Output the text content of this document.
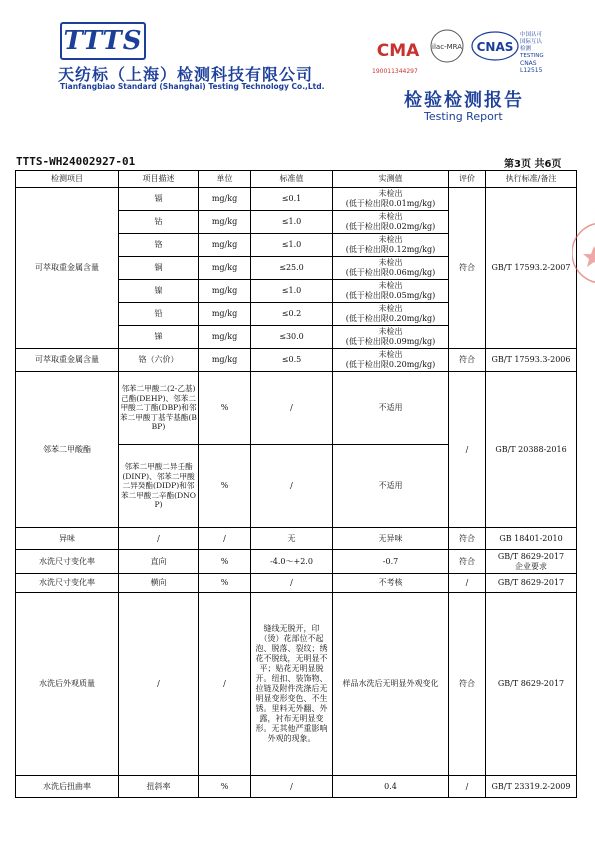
TTTS
天纺标（上海）检测科技有限公司
Tianfangbiao Standard (Shanghai) Testing Technology Co.,Ltd.
CMA
190011344297
ilac-MRA CNAS
中国认可
国际互认
检测
TESTING
CNAS L12515
检验检测报告
Testing Report
TTTS-WH24002927-01	第3页 共6页
检测项目	项目描述	单位	标准值	实测值	评价	执行标准/备注
可萃取重金属含量	镉	mg/kg	≤0.1	未检出
(低于检出限0.01mg/kg)	符合	GB/T 17593.2-2007
	钴	mg/kg	≤1.0	未检出
(低于检出限0.02mg/kg)		

	铬	mg/kg	≤1.0	未检出
(低于检出限0.12mg/kg)		

	铜	mg/kg	≤25.0	未检出
(低于检出限0.06mg/kg)		

	镍	mg/kg	≤1.0	未检出
(低于检出限0.05mg/kg)		

	铅	mg/kg	≤0.2	未检出
(低于检出限0.20mg/kg)		

	锑	mg/kg	≤30.0	未检出
(低于检出限0.09mg/kg)		

可萃取重金属含量	铬（六价）	mg/kg	≤0.5	未检出
(低于检出限0.20mg/kg)	符合	GB/T 17593.3-2006
邻苯二甲酸酯	邻苯二甲酸二(2-乙基)己酯(DEHP)、邻苯二甲酸二丁酯(DBP)和邻苯二甲酸丁基苄基酯(BBP)	%	/	不适用	/	GB/T 20388-2016
	邻苯二甲酸二异壬酯(DINP)、邻苯二甲酸二异癸酯(DIDP)和邻苯二甲酸二辛酯(DNOP)	%	/	不适用		
异味	/	/	无	无异味	符合	GB 18401-2010
水洗尺寸变化率	直向	%	-4.0～+2.0	-0.7	符合	GB/T 8629-2017
企业要求

水洗尺寸变化率	横向	%	/	不考核	/	GB/T 8629-2017
水洗后外观质量	/	/	缝线无脱开，印（烫）花部位不起泡、脱落、裂纹；绣花不脱线，无明显不平；贴花无明显脱开。纽扣、装饰物、拉链及附件洗涤后无明显变形变色、不生锈。里料无外翻、外露，衬布无明显变形。无其他严重影响外观的现象。	样品水洗后无明显外观变化	符合	GB/T 8629-2017
水洗后扭曲率	扭斜率	%	/	0.4	/	GB/T 23319.2-2009
